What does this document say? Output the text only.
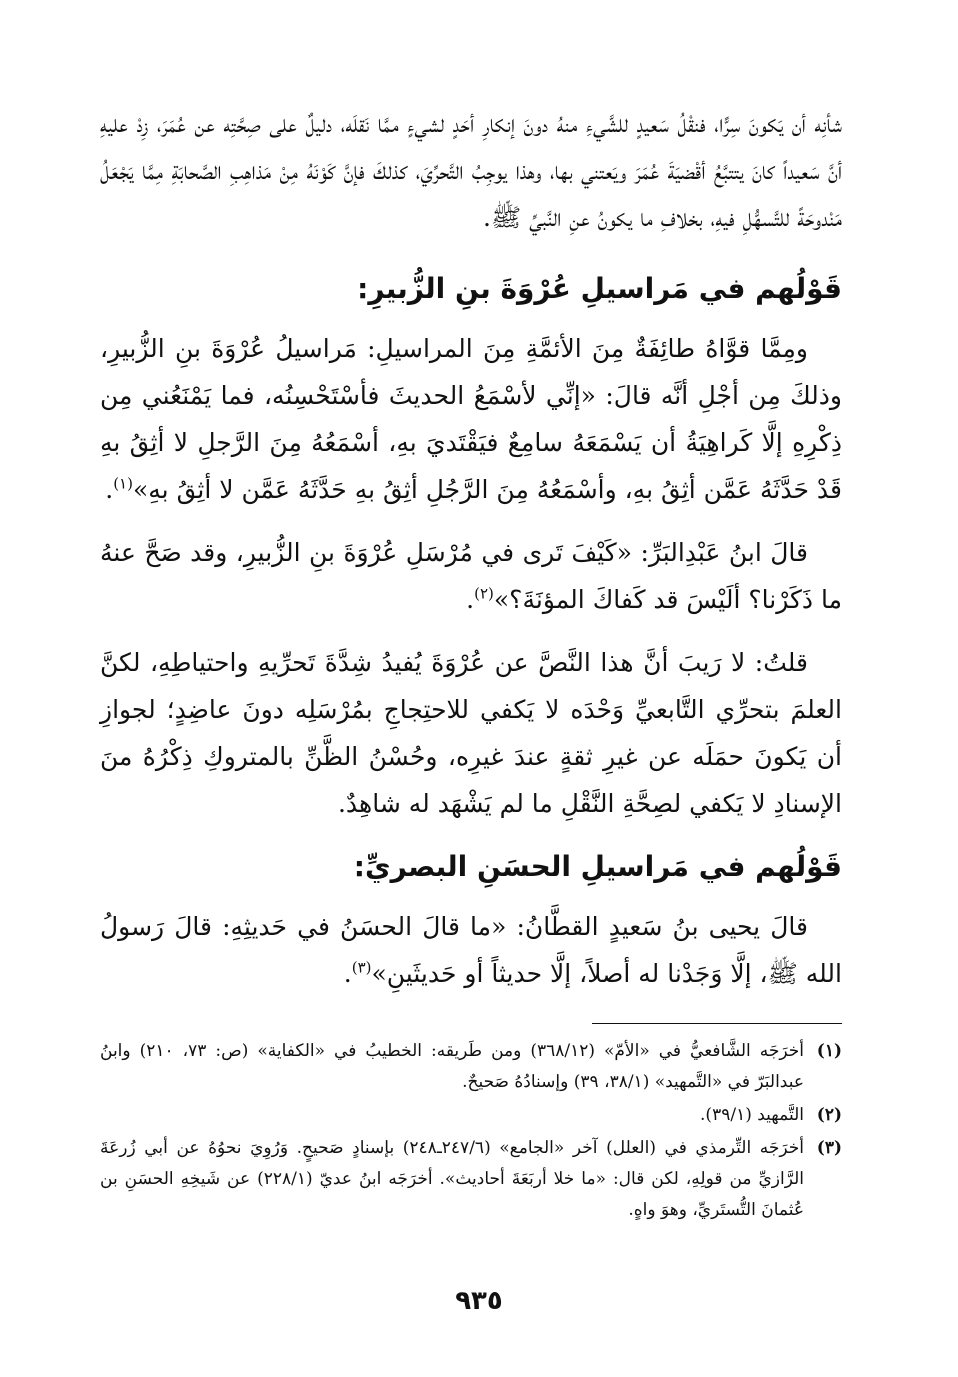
شأنِه أن يَكونَ سِرًّا، فنقْلُ سَعيدٍ للشَّيءِ منهُ دونَ إنكارِ أحَدٍ لشيءٍ ممَّا نَقلَه، دليلٌ على صِحَّتِه عن عُمَرَ، زِدْ عليهِ أنَّ سَعيداً كانَ يتتبَّعُ أقْضيَةَ عُمَرَ ويَعتني بها، وهذا يوجِبُ التَّحرِّيَ، كذلكَ فإنَّ كَوْنَهُ مِنْ مَذاهِبِ الصَّحابَةِ مِمَّا يَجْعَلُ مَنْدوحَةً للتَّسهُّلِ فيهِ، بخلافِ ما يكونُ عنِ النَّبيِّ ﷺ.

قَوْلُهم في مَراسيلِ عُرْوَةَ بنِ الزُّبيرِ:

ومِمَّا قوَّاهُ طائِفَةٌ مِنَ الأئمَّةِ مِنَ المراسيلِ: مَراسيلُ عُرْوَةَ بنِ الزُّبيرِ، وذلكَ مِن أجْلِ أنَّه قالَ: «إنِّي لأسْمَعُ الحديثَ فأسْتَحْسِنُه، فما يَمْنَعُني مِن ذِكْرِهِ إلَّا كَراهِيَةُ أن يَسْمَعَهُ سامِعٌ فيَقْتَديَ بهِ، أسْمَعُهُ مِنَ الرَّجلِ لا أثِقُ بهِ قَدْ حَدَّثَهُ عَمَّن أثِقُ بهِ، وأسْمَعُهُ مِنَ الرَّجُلِ أثِقُ بهِ حَدَّثَهُ عَمَّن لا أثِقُ بهِ»$^{(١)}$.

قالَ ابنُ عَبْدِالبَرِّ: «كَيْفَ تَرى في مُرْسَلِ عُرْوَةَ بنِ الزُّبيرِ، وقد صَحَّ عنهُ ما ذَكَرْنا؟ ألَيْسَ قد كَفاكَ المؤنَةَ؟»$^{(٢)}$.

قلتُ: لا رَيبَ أنَّ هذا النَّصَّ عن عُرْوَةَ يُفيدُ شِدَّةَ تَحرِّيهِ واحتياطِهِ، لكنَّ العلمَ بتحرِّي التَّابعيِّ وَحْدَه لا يَكفي للاحتِجاجِ بمُرْسَلِه دونَ عاضِدٍ؛ لجوازِ أن يَكونَ حمَلَه عن غيرِ ثقةٍ عندَ غيرِه، وحُسْنُ الظَّنِّ بالمتروكِ ذِكْرُهُ منَ الإسنادِ لا يَكفي لصِحَّةِ النَّقْلِ ما لم يَشْهَد له شاهِدٌ.

قَوْلُهم في مَراسيلِ الحسَنِ البصريِّ:

قالَ يحيى بنُ سَعيدٍ القطَّانُ: «ما قالَ الحسَنُ في حَديثِهِ: قالَ رَسولُ الله ﷺ، إلَّا وَجَدْنا له أصلاً، إلَّا حديثاً أو حَديثَينِ»$^{(٣)}$.

(١)
أخرَجَه الشَّافعيُّ في «الأمّ» (٣٦٨/١٢) ومن طَريقه: الخطيبُ في «الكفاية» (ص: ٧٣، ٢١٠) وابنُ عبدالبَرّ في «التَّمهيد» (٣٨/١، ٣٩) وإسنادُهُ صَحيحٌ.
(٢)
التَّمهيد (٣٩/١).
(٣)
أخرَجَه التِّرمذي في (العلل) آخر «الجامع» (٢٤٧/٦ـ٢٤٨) بإسنادٍ صَحيحٍ. وَرُوِيَ نحوُهُ عن أبي زُرعَةَ الرَّازيِّ من قولِهِ، لكن قال: «ما خلا أربَعَةَ أحاديث». أخرَجَه ابنُ عديّ (٢٢٨/١) عن شَيخِهِ الحسَنِ بن عُثمانَ التُّستَريِّ، وهوَ واهٍ.
٩٣٥
